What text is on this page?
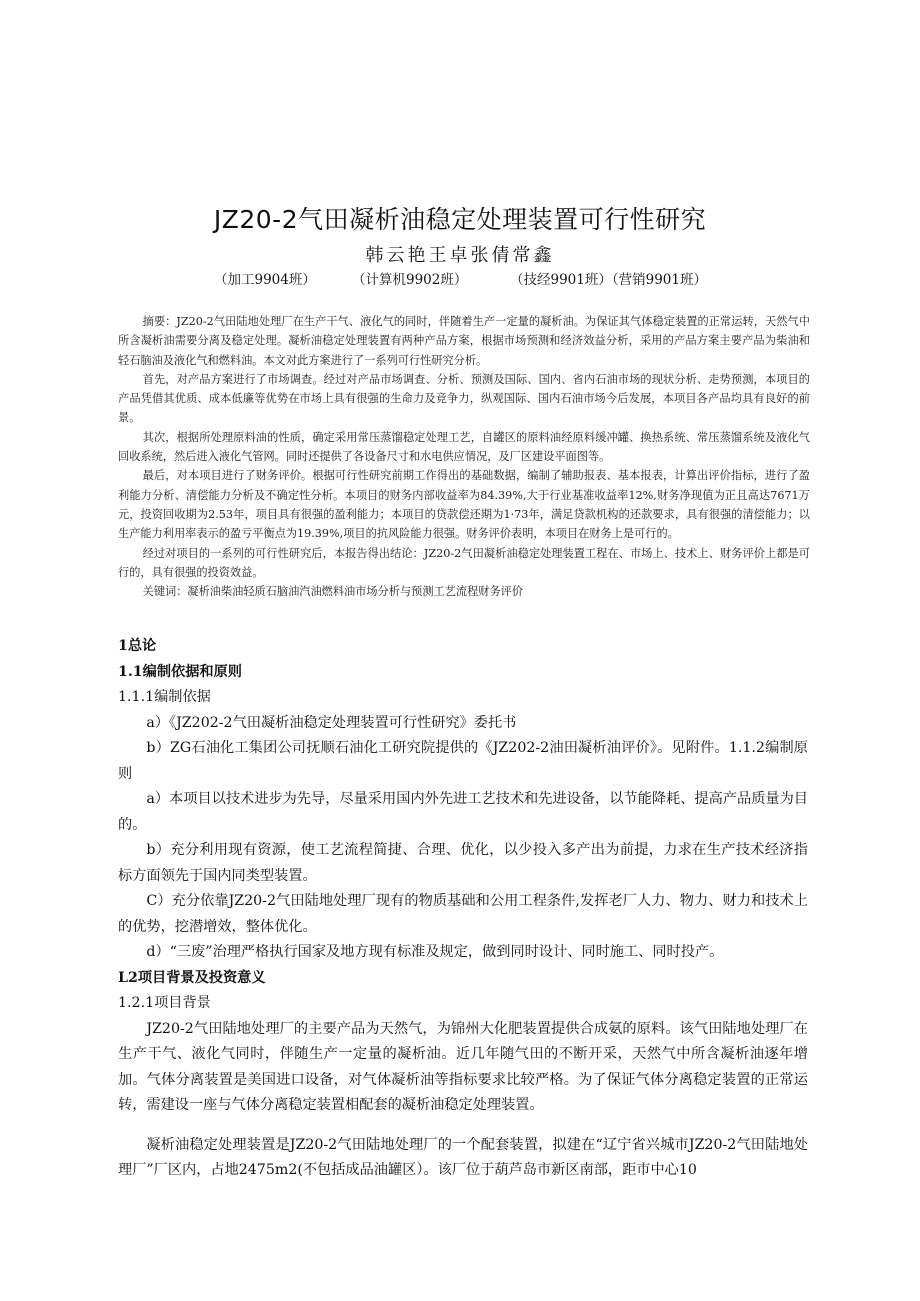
JZ20-2气田凝析油稳定处理装置可行性研究
韩云艳王卓张倩常鑫
（加工9904班）	（计算机9902班）	（技经9901班）（营销9901班）

摘要：JZ20-2气田陆地处理厂在生产干气、液化气的同时，伴随着生产一定量的凝析油。为保证其气体稳定装置的正常运转，天然气中所含凝析油需要分离及稳定处理。凝析油稳定处理装置有两种产品方案，根据市场预测和经济效益分析，采用的产品方案主要产品为柴油和轻石脑油及液化气和燃料油。本文对此方案进行了一系列可行性研究分析。

首先，对产品方案进行了市场调查。经过对产品市场调查、分析、预测及国际、国内、省内石油市场的现状分析、走势预测，本项目的产品凭借其优质、成本低廉等优势在市场上具有很强的生命力及竞争力，纵观国际、国内石油市场今后发展，本项目各产品均具有良好的前景。

其次，根据所处理原料油的性质，确定采用常压蒸馏稳定处理工艺，自罐区的原料油经原料缓冲罐、换热系统、常压蒸馏系统及液化气回收系统，然后进入液化气管网。同时还提供了各设备尺寸和水电供应情况，及厂区建设平面图等。

最后，对本项目进行了财务评价。根据可行性研究前期工作得出的基础数据，编制了辅助报表、基本报表，计算出评价指标，进行了盈利能力分析、清偿能力分析及不确定性分析。本项目的财务内部收益率为84.39%,大于行业基准收益率12%,财务净现值为正且高达7671万元，投资回收期为2.53年，项目具有很强的盈利能力；本项目的贷款偿还期为1·73年，满足贷款机构的还款要求，具有很强的清偿能力；以生产能力利用率表示的盈亏平衡点为19.39%,项目的抗风险能力很强。财务评价表明，本项目在财务上是可行的。

经过对项目的一系列的可行性研究后，本报告得出结论：JZ20-2气田凝析油稳定处理装置工程在、市场上、技术上、财务评价上都是可行的，具有很强的投资效益。

关键词：凝析油柴油轻质石脑油汽油燃料油市场分析与预测工艺流程财务评价

1总论

1.1编制依据和原则

1.1.1编制依据

a）《JZ202-2气田凝析油稳定处理装置可行性研究》委托书

b）ZG石油化工集团公司抚顺石油化工研究院提供的《JZ202-2油田凝析油评价》。见附件。1.1.2编制原则

a）本项目以技术进步为先导，尽量采用国内外先进工艺技术和先进设备，以节能降耗、提高产品质量为目的。

b）充分利用现有资源，使工艺流程简捷、合理、优化，以少投入多产出为前提，力求在生产技术经济指标方面领先于国内同类型装置。

C）充分依靠JZ20-2气田陆地处理厂现有的物质基础和公用工程条件,发挥老厂人力、物力、财力和技术上的优势，挖潜增效，整体优化。

d）“三废”治理严格执行国家及地方现有标准及规定，做到同时设计、同时施工、同时投产。

L2项目背景及投资意义

1.2.1项目背景

JZ20-2气田陆地处理厂的主要产品为天然气，为锦州大化肥装置提供合成氨的原料。该气田陆地处理厂在生产干气、液化气同时，伴随生产一定量的凝析油。近几年随气田的不断开采，天然气中所含凝析油逐年增加。气体分离装置是美国进口设备，对气体凝析油等指标要求比较严格。为了保证气体分离稳定装置的正常运转，需建设一座与气体分离稳定装置相配套的凝析油稳定处理装置。

凝析油稳定处理装置是JZ20-2气田陆地处理厂的一个配套装置，拟建在“辽宁省兴城市JZ20-2气田陆地处理厂”厂区内，占地2475m2(不包括成品油罐区）。该厂位于葫芦岛市新区南部，距市中心10
